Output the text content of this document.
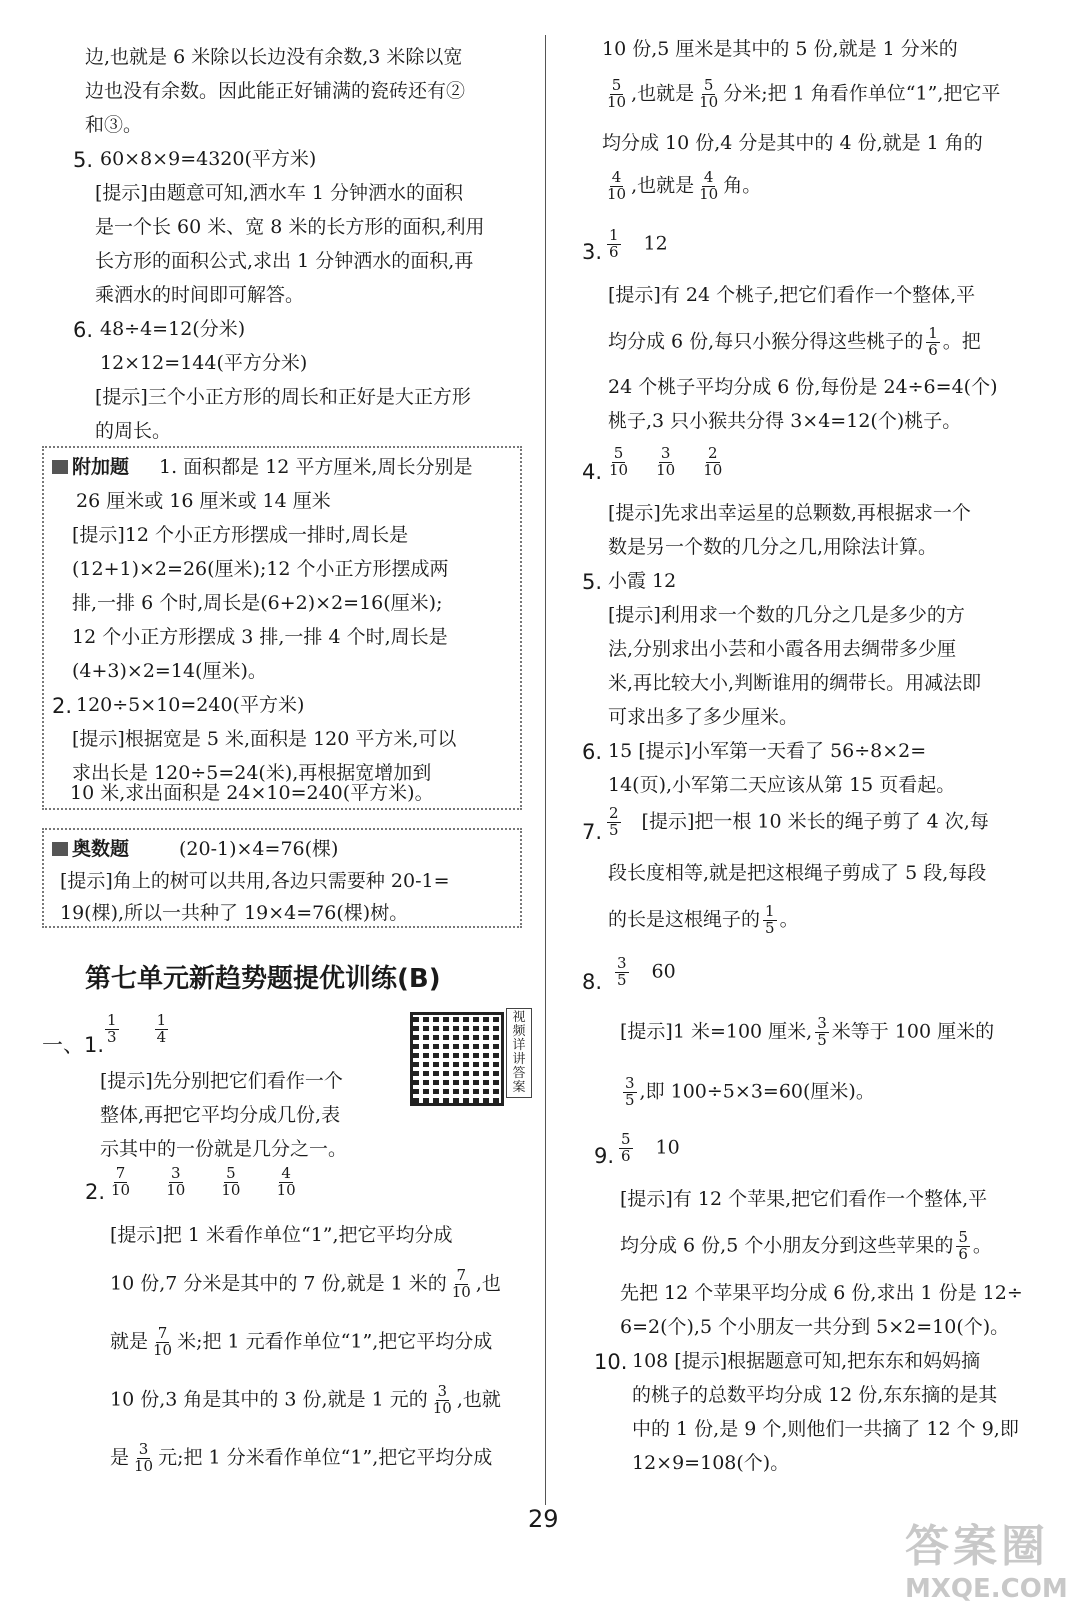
边,也就是 6 米除以长边没有余数,3 米除以宽
边也没有余数。因此能正好铺满的瓷砖还有②
和③。
5. 60×8×9=4320(平方米)
[提示]由题意可知,洒水车 1 分钟洒水的面积
是一个长 60 米、宽 8 米的长方形的面积,利用
长方形的面积公式,求出 1 分钟洒水的面积,再
乘洒水的时间即可解答。
6. 48÷4=12(分米)
12×12=144(平方分米)
[提示]三个小正方形的周长和正好是大正方形
的周长。
附加题 1. 面积都是 12 平方厘米,周长分别是
26 厘米或 16 厘米或 14 厘米
[提示]12 个小正方形摆成一排时,周长是
(12+1)×2=26(厘米);12 个小正方形摆成两
排,一排 6 个时,周长是(6+2)×2=16(厘米);
12 个小正方形摆成 3 排,一排 4 个时,周长是
(4+3)×2=14(厘米)。
2. 120÷5×10=240(平方米)
[提示]根据宽是 5 米,面积是 120 平方米,可以
求出长是 120÷5=24(米),再根据宽增加到
10 米,求出面积是 24×10=240(平方米)。
奥数题	(20-1)×4=76(棵)
[提示]角上的树可以共用,各边只需要种 20-1=
19(棵),所以一共种了 19×4=76(棵)树。
第七单元新趋势题提优训练(B)
视频详讲答案
一、1. $\frac{1}{3}$
$\frac{1}{4}$
[提示]先分别把它们看作一个
整体,再把它平均分成几份,表
示其中的一份就是几分之一。
2. $\frac{7}{10}$
$\frac{3}{10}$
$\frac{5}{10}$
$\frac{4}{10}$
[提示]把 1 米看作单位“1”,把它平均分成
10 份,7 分米是其中的 7 份,就是 1 米的 $\frac{7}{10}$ ,也
就是 $\frac{7}{10}$ 米;把 1 元看作单位“1”,把它平均分成
10 份,3 角是其中的 3 份,就是 1 元的 $\frac{3}{10}$ ,也就
是 $\frac{3}{10}$ 元;把 1 分米看作单位“1”,把它平均分成
10 份,5 厘米是其中的 5 份,就是 1 分米的
$\frac{5}{10}$ ,也就是 $\frac{5}{10}$ 分米;把 1 角看作单位“1”,把它平
均分成 10 份,4 分是其中的 4 份,就是 1 角的
$\frac{4}{10}$ ,也就是 $\frac{4}{10}$ 角。
3. $\frac{1}{6} 12$
[提示]有 24 个桃子,把它们看作一个整体,平
均分成 6 份,每只小猴分得这些桃子的 $\frac{1}{6}$ 。把
24 个桃子平均分成 6 份,每份是 24÷6=4(个)
桃子,3 只小猴共分得 3×4=12(个)桃子。
4. $\frac{5}{10} \frac{3}{10} \frac{2}{10}$
[提示]先求出幸运星的总颗数,再根据求一个
数是另一个数的几分之几,用除法计算。
5. 小霞 12
[提示]利用求一个数的几分之几是多少的方
法,分别求出小芸和小霞各用去绸带多少厘
米,再比较大小,判断谁用的绸带长。用减法即
可求出多了多少厘米。
6. 15 [提示]小军第一天看了 56÷8×2=
14(页),小军第二天应该从第 15 页看起。
7. $\frac{2}{5}$ [提示]把一根 10 米长的绳子剪了 4 次,每
段长度相等,就是把这根绳子剪成了 5 段,每段
的长是这根绳子的 $\frac{1}{5}$ 。
8. $\frac{3}{5} 60$
[提示]1 米=100 厘米, $\frac{3}{5}$ 米等于 100 厘米的
$\frac{3}{5}$ ,即 100÷5×3=60(厘米)。
9. $\frac{5}{6} 10$
[提示]有 12 个苹果,把它们看作一个整体,平
均分成 6 份,5 个小朋友分到这些苹果的 $\frac{5}{6}$ 。
先把 12 个苹果平均分成 6 份,求出 1 份是 12÷
6=2(个),5 个小朋友一共分到 5×2=10(个)。
10. 108 [提示]根据题意可知,把东东和妈妈摘
的桃子的总数平均分成 12 份,东东摘的是其
中的 1 份,是 9 个,则他们一共摘了 12 个 9,即
12×9=108(个)。
29
答案圈
MXQE.COM
